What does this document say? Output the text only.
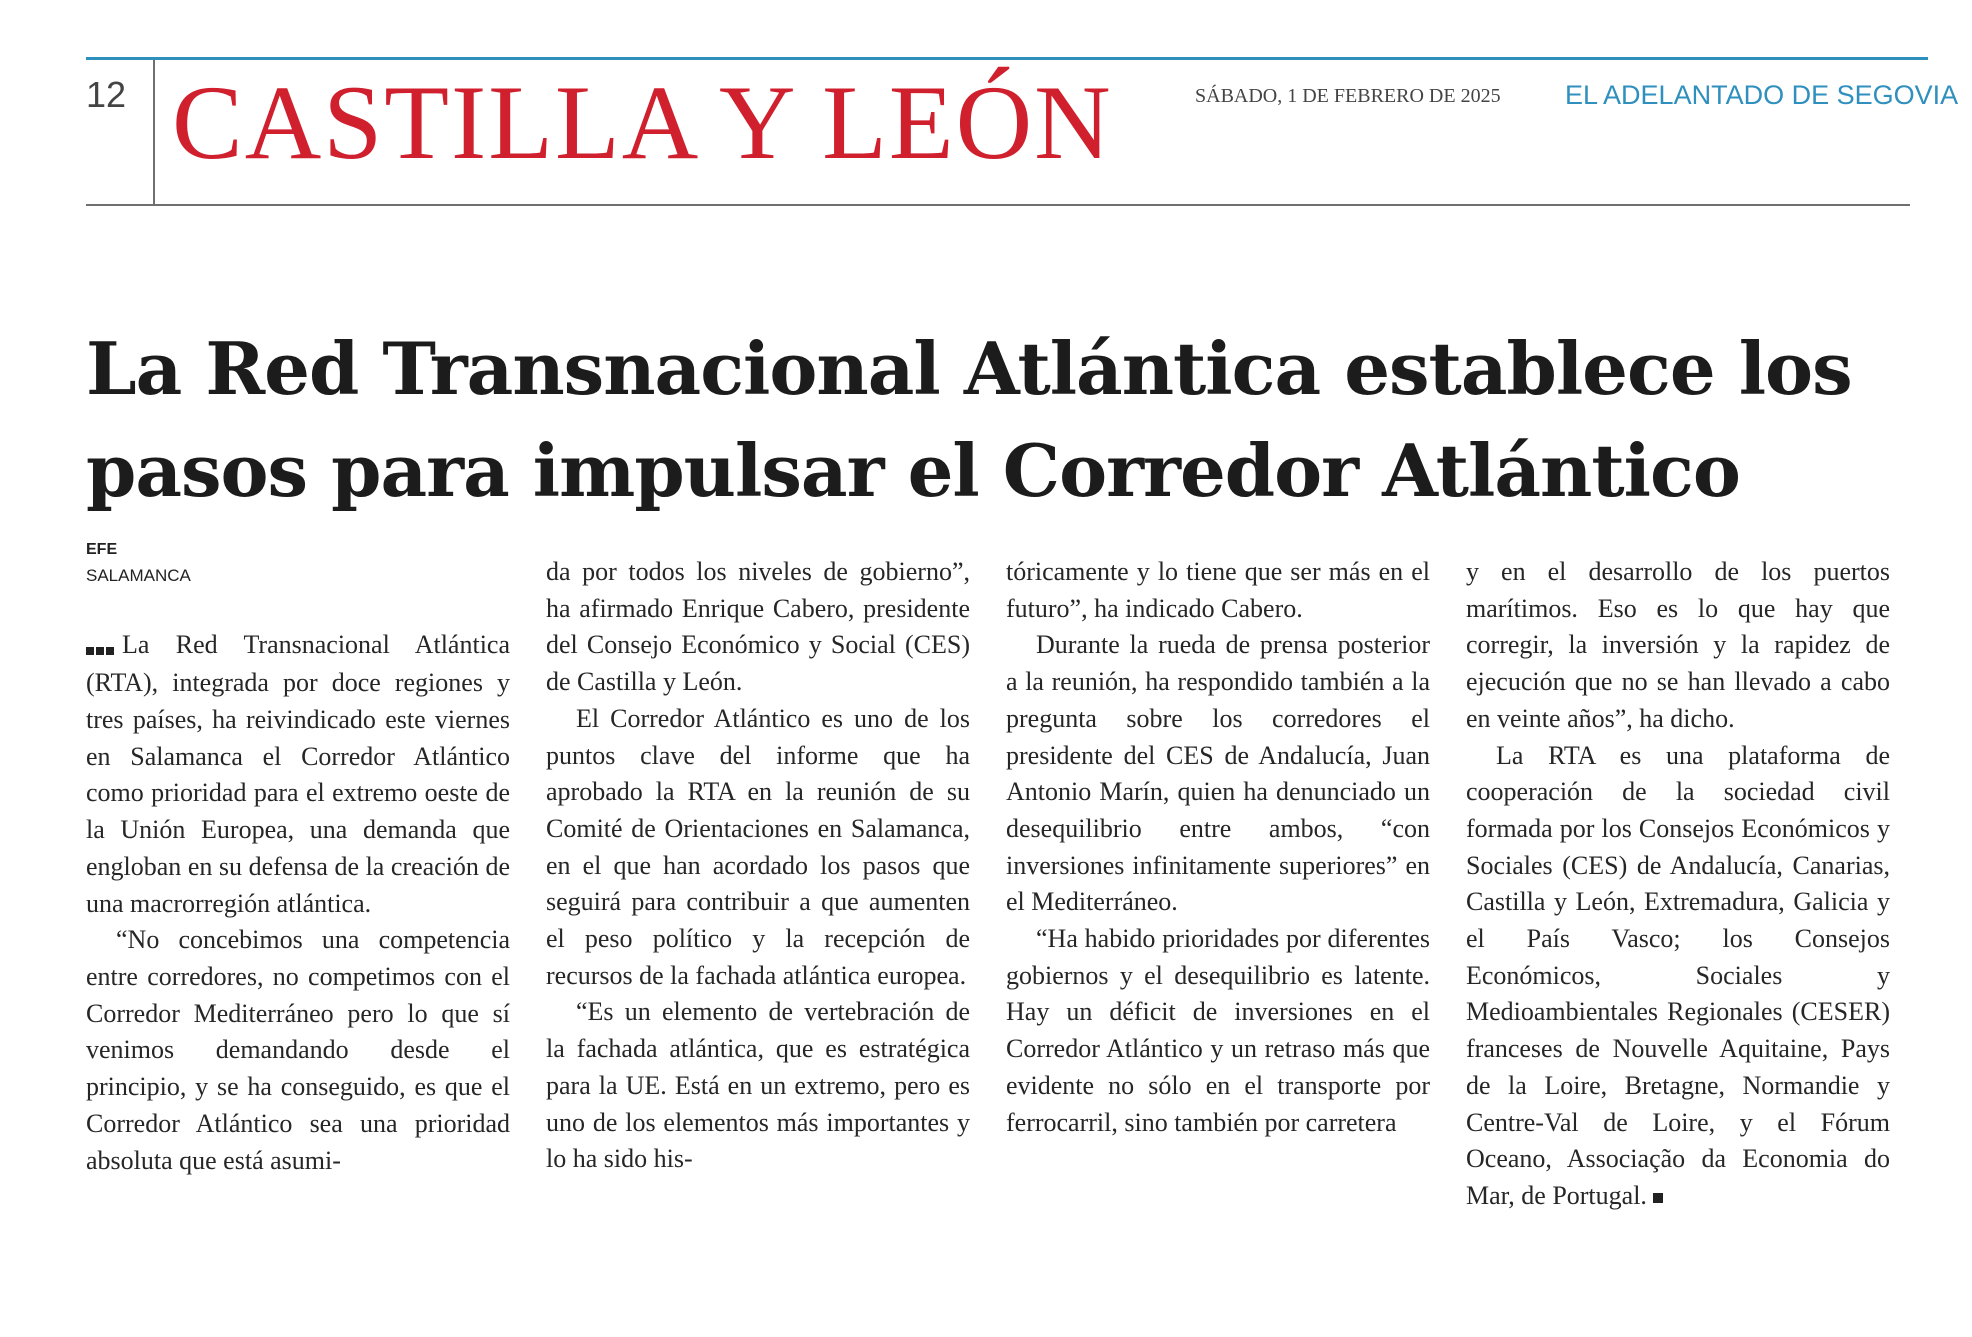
12 CASTILLA Y LEÓN	SÁBADO, 1 DE FEBRERO DE 2025 EL ADELANTADO DE SEGOVIA
La Red Transnacional Atlántica establece los pasos para impulsar el Corredor Atlántico
EFE
SALAMANCA

La Red Transnacional Atlántica (RTA), integrada por doce regiones y tres países, ha reivindicado este viernes en Salamanca el Corredor Atlántico como prioridad para el extremo oeste de la Unión Europea, una demanda que engloban en su defensa de la creación de una macrorregión atlántica.

“No concebimos una competencia entre corredores, no competimos con el Corredor Mediterráneo pero lo que sí venimos demandando desde el principio, y se ha conseguido, es que el Corredor Atlántico sea una prioridad absoluta que está asumi-

da por todos los niveles de gobierno”, ha afirmado Enrique Cabero, presidente del Consejo Económico y Social (CES) de Castilla y León.

El Corredor Atlántico es uno de los puntos clave del informe que ha aprobado la RTA en la reunión de su Comité de Orientaciones en Salamanca, en el que han acordado los pasos que seguirá para contribuir a que aumenten el peso político y la recepción de recursos de la fachada atlántica europea.

“Es un elemento de vertebración de la fachada atlántica, que es estratégica para la UE. Está en un extremo, pero es uno de los elementos más importantes y lo ha sido his-

tóricamente y lo tiene que ser más en el futuro”, ha indicado Cabero.

Durante la rueda de prensa posterior a la reunión, ha respondido también a la pregunta sobre los corredores el presidente del CES de Andalucía, Juan Antonio Marín, quien ha denunciado un desequilibrio entre ambos, “con inversiones infinitamente superiores” en el Mediterráneo.

“Ha habido prioridades por diferentes gobiernos y el desequilibrio es latente. Hay un déficit de inversiones en el Corredor Atlántico y un retraso más que evidente no sólo en el transporte por ferrocarril, sino también por carretera

y en el desarrollo de los puertos marítimos. Eso es lo que hay que corregir, la inversión y la rapidez de ejecución que no se han llevado a cabo en veinte años”, ha dicho.

La RTA es una plataforma de cooperación de la sociedad civil formada por los Consejos Económicos y Sociales (CES) de Andalucía, Canarias, Castilla y León, Extremadura, Galicia y el País Vasco; los Consejos Económicos, Sociales y Medioambientales Regionales (CESER) franceses de Nouvelle Aquitaine, Pays de la Loire, Bretagne, Normandie y Centre-Val de Loire, y el Fórum Oceano, Associação da Economia do Mar, de Portugal.
